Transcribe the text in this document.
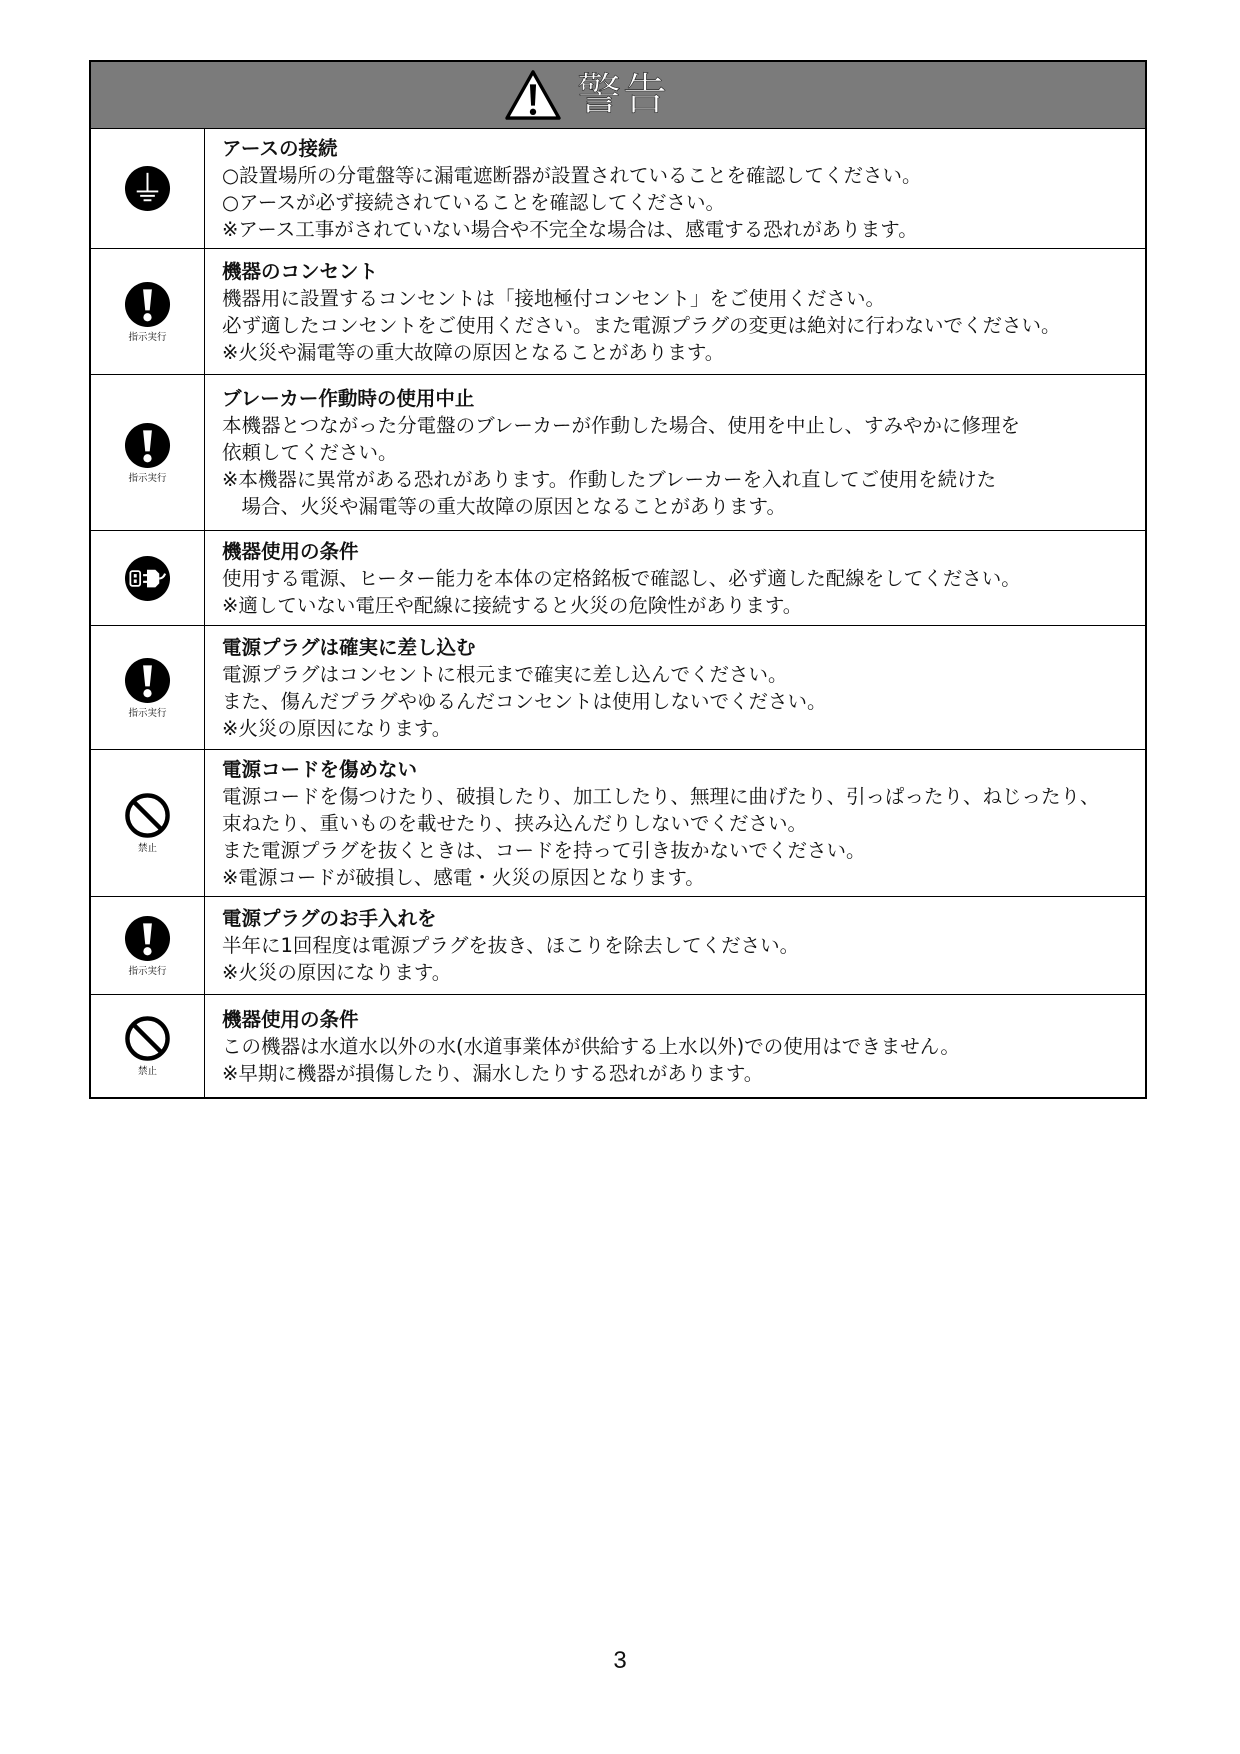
警告
アースの接続
○設置場所の分電盤等に漏電遮断器が設置されていることを確認してください。
○アースが必ず接続されていることを確認してください。
※アース工事がされていない場合や不完全な場合は、感電する恐れがあります。
指示実行
機器のコンセント
機器用に設置するコンセントは「接地極付コンセント」をご使用ください。
必ず適したコンセントをご使用ください。また電源プラグの変更は絶対に行わないでください。
※火災や漏電等の重大故障の原因となることがあります。
指示実行
ブレーカー作動時の使用中止
本機器とつながった分電盤のブレーカーが作動した場合、使用を中止し、すみやかに修理を
依頼してください。
※本機器に異常がある恐れがあります。作動したブレーカーを入れ直してご使用を続けた
　場合、火災や漏電等の重大故障の原因となることがあります。
機器使用の条件
使用する電源、ヒーター能力を本体の定格銘板で確認し、必ず適した配線をしてください。
※適していない電圧や配線に接続すると火災の危険性があります。
指示実行
電源プラグは確実に差し込む
電源プラグはコンセントに根元まで確実に差し込んでください。
また、傷んだプラグやゆるんだコンセントは使用しないでください。
※火災の原因になります。
禁止
電源コードを傷めない
電源コードを傷つけたり、破損したり、加工したり、無理に曲げたり、引っぱったり、ねじったり、
束ねたり、重いものを載せたり、挟み込んだりしないでください。
また電源プラグを抜くときは、コードを持って引き抜かないでください。
※電源コードが破損し、感電・火災の原因となります。
指示実行
電源プラグのお手入れを
半年に1回程度は電源プラグを抜き、ほこりを除去してください。
※火災の原因になります。
禁止
機器使用の条件
この機器は水道水以外の水(水道事業体が供給する上水以外)での使用はできません。
※早期に機器が損傷したり、漏水したりする恐れがあります。
3
